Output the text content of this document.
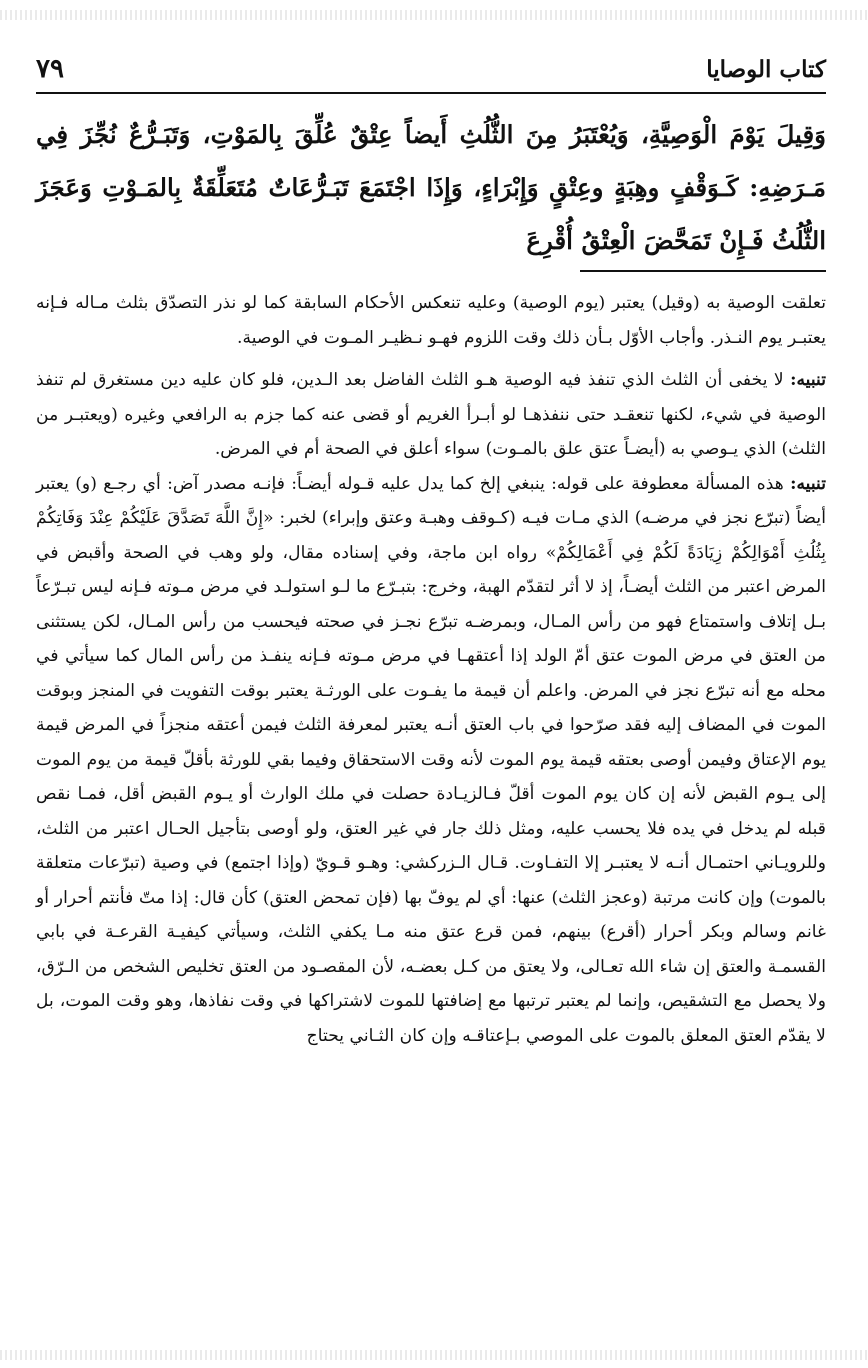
كتاب الوصايا
٧٩
وَقِيلَ يَوْمَ الْوَصِيَّةِ، وَيُعْتَبَرُ مِنَ الثُّلُثِ أَيضاً عِتْقٌ عُلِّقَ بِالمَوْتِ، وَتَبَـرُّعٌ نُجِّزَ فِي مَـرَضِهِ: كَـوَقْفٍ وهِبَةٍ وعِتْقٍ وَإِبْرَاءٍ، وَإِذَا اجْتَمَعَ تَبَـرُّعَاتٌ مُتَعَلِّقَةٌ بِالمَـوْتِ وَعَجَزَ الثُّلُثُ فَـإِنْ تَمَحَّضَ الْعِتْقُ أُقْرِعَ

تعلقت الوصية به (وقيل) يعتبر (يوم الوصية) وعليه تنعكس الأحكام السابقة كما لو نذر التصدّق بثلث مـاله فـإنه يعتبـر يوم النـذر. وأجاب الأوّل بـأن ذلك وقت اللزوم فهـو نـظيـر المـوت في الوصية.

تنبيه: لا يخفى أن الثلث الذي تنفذ فيه الوصية هـو الثلث الفاضل بعد الـدين، فلو كان عليه دين مستغرق لم تنفذ الوصية في شيء، لكنها تنعقـد حتى ننفذهـا لو أبـرأ الغريم أو قضى عنه كما جزم به الرافعي وغيره (ويعتبـر من الثلث) الذي يـوصي به (أيضـاً عتق علق بالمـوت) سواء أعلق في الصحة أم في المرض.

تنبيه: هذه المسألة معطوفة على قوله: ينبغي إلخ كما يدل عليه قـوله أيضـاً: فإنـه مصدر آض: أي رجـع (و) يعتبر أيضاً (تبرّع نجز في مرضـه) الذي مـات فيـه (كـوقف وهبـة وعتق وإبراء) لخبر: «إِنَّ اللَّهَ تَصَدَّقَ عَلَيْكُمْ عِنْدَ وَفَاتِكُمْ بِثُلُثِ أَمْوَالِكُمْ زِيَادَةً لَكُمْ فِي أَعْمَالِكُمْ» رواه ابن ماجة، وفي إسناده مقال، ولو وهب في الصحة وأقبض في المرض اعتبر من الثلث أيضـاً، إذ لا أثر لتقدّم الهبة، وخرج: بتبـرّع ما لـو استولـد في مرض مـوته فـإنه ليس تبـرّعاً بـل إتلاف واستمتاع فهو من رأس المـال، وبمرضـه تبرّع نجـز في صحته فيحسب من رأس المـال، لكن يستثنى من العتق في مرض الموت عتق أمّ الولد إذا أعتقهـا في مرض مـوته فـإنه ينفـذ من رأس المال كما سيأتي في محله مع أنه تبرّع نجز في المرض. واعلم أن قيمة ما يفـوت على الورثـة يعتبر بوقت التفويت في المنجز وبوقت الموت في المضاف إليه فقد صرّحوا في باب العتق أنـه يعتبر لمعرفة الثلث فيمن أعتقه منجزاً في المرض قيمة يوم الإعتاق وفيمن أوصى بعتقه قيمة يوم الموت لأنه وقت الاستحقاق وفيما بقي للورثة بأقلّ قيمة من يوم الموت إلى يـوم القبض لأنه إن كان يوم الموت أقلّ فـالزيـادة حصلت في ملك الوارث أو يـوم القبض أقل، فمـا نقص قبله لم يدخل في يده فلا يحسب عليه، ومثل ذلك جار في غير العتق، ولو أوصى بتأجيل الحـال اعتبر من الثلث، وللرويـاني احتمـال أنـه لا يعتبـر إلا التفـاوت. قـال الـزركشي: وهـو قـويّ (وإذا اجتمع) في وصية (تبرّعات متعلقة بالموت) وإن كانت مرتبة (وعجز الثلث) عنها: أي لم يوفّ بها (فإن تمحض العتق) كأن قال: إذا متّ فأنتم أحرار أو غانم وسالم وبكر أحرار (أقرع) بينهم، فمن قرع عتق منه مـا يكفي الثلث، وسيأتي كيفيـة القرعـة في بابي القسمـة والعتق إن شاء الله تعـالى، ولا يعتق من كـل بعضـه، لأن المقصـود من العتق تخليص الشخص من الـرّق، ولا يحصل مع التشقيص، وإنما لم يعتبر ترتبها مع إضافتها للموت لاشتراكها في وقت نفاذها، وهو وقت الموت، بل لا يقدّم العتق المعلق بالموت على الموصي بـإعتاقـه وإن كان الثـاني يحتاج
